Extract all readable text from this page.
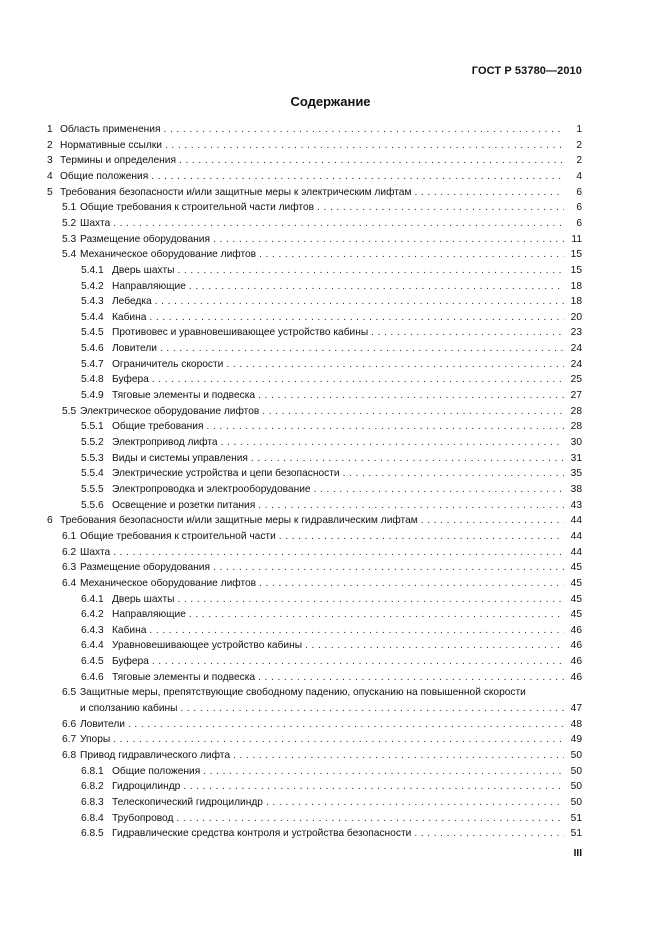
ГОСТ Р 53780—2010
Содержание
1 Область применения . . .	1
2 Нормативные ссылки . . .	2
3 Термины и определения . . .	2
4 Общие положения . . .	4
5 Требования безопасности и/или защитные меры к электрическим лифтам . . .	6
5.1 Общие требования к строительной части лифтов . . .	6
5.2 Шахта . . .	6
5.3 Размещение оборудования . . .	11
5.4 Механическое оборудование лифтов . . .	15
5.4.1 Дверь шахты . . .	15
5.4.2 Направляющие . . .	18
5.4.3 Лебедка . . .	18
5.4.4 Кабина . . .	20
5.4.5 Противовес и уравновешивающее устройство кабины . . .	23
5.4.6 Ловители . . .	24
5.4.7 Ограничитель скорости . . .	24
5.4.8 Буфера . . .	25
5.4.9 Тяговые элементы и подвеска . . .	27
5.5 Электрическое оборудование лифтов . . .	28
5.5.1 Общие требования . . .	28
5.5.2 Электропривод лифта . . .	30
5.5.3 Виды и системы управления . . .	31
5.5.4 Электрические устройства и цепи безопасности . . .	35
5.5.5 Электропроводка и электрооборудование . . .	38
5.5.6 Освещение и розетки питания . . .	43
6 Требования безопасности и/или защитные меры к гидравлическим лифтам . . .	44
6.1 Общие требования к строительной части . . .	44
6.2 Шахта . . .	44
6.3 Размещение оборудования . . .	45
6.4 Механическое оборудование лифтов . . .	45
6.4.1 Дверь шахты . . .	45
6.4.2 Направляющие . . .	45
6.4.3 Кабина . . .	46
6.4.4 Уравновешивающее устройство кабины . . .	46
6.4.5 Буфера . . .	46
6.4.6 Тяговые элементы и подвеска . . .	46
6.5 Защитные меры, препятствующие свободному падению, опусканию на повышенной скорости
и сползанию кабины . . .	47
6.6 Ловители . . .	48
6.7 Упоры . . .	49
6.8 Привод гидравлического лифта . . .	50
6.8.1 Общие положения . . .	50
6.8.2 Гидроцилиндр . . .	50
6.8.3 Телескопический гидроцилиндр . . .	50
6.8.4 Трубопровод . . .	51
6.8.5 Гидравлические средства контроля и устройства безопасности . . .	51
III
